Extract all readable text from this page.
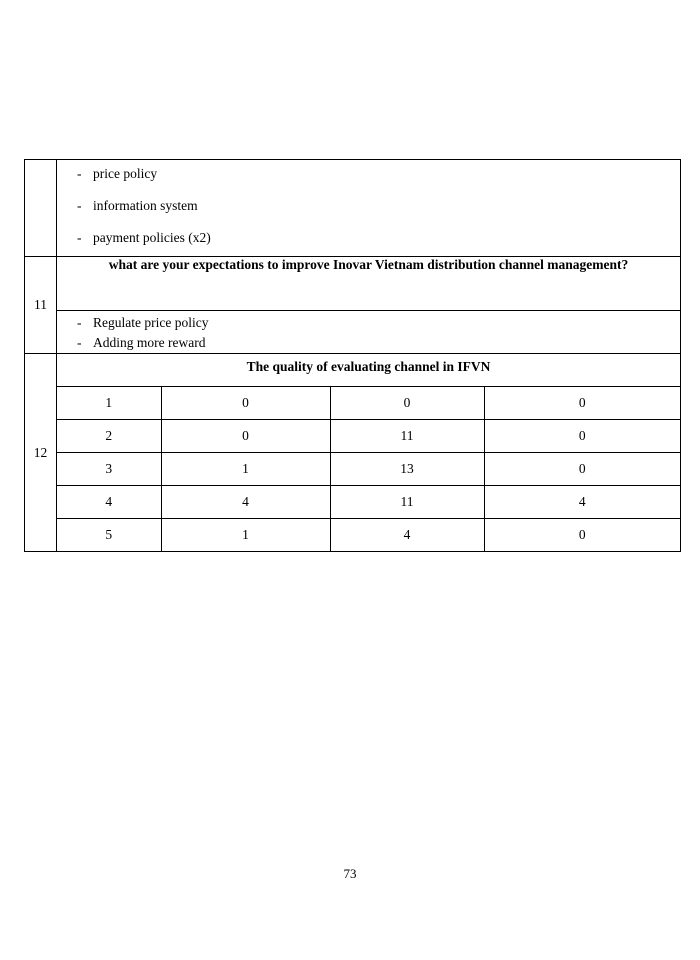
- price policy
- information system
- payment policies (x2)

11	what are your expectations to improve Inovar Vietnam distribution channel management?

- Regulate price policy
- Adding more reward

12	
The quality of evaluating channel in IFVN
1	0	0	0
2	0	11	0
3	1	13	0
4	4	11	4
5	1	4	0
73
